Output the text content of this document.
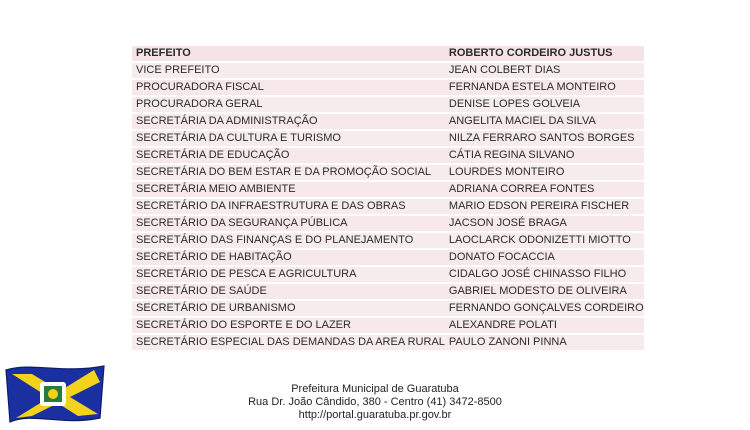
PREFEITO	ROBERTO CORDEIRO JUSTUS
VICE PREFEITO	JEAN COLBERT DIAS
PROCURADORA FISCAL	FERNANDA ESTELA MONTEIRO
PROCURADORA GERAL	DENISE LOPES GOLVEIA
SECRETÁRIA DA ADMINISTRAÇÃO	ANGELITA MACIEL DA SILVA
SECRETÁRIA DA CULTURA E TURISMO	NILZA FERRARO SANTOS BORGES
SECRETÁRIA DE EDUCAÇÃO	CÁTIA REGINA SILVANO
SECRETÁRIA DO BEM ESTAR E DA PROMOÇÃO SOCIAL	LOURDES MONTEIRO
SECRETÁRIA MEIO AMBIENTE	ADRIANA CORREA FONTES
SECRETÁRIO DA INFRAESTRUTURA E DAS OBRAS	MARIO EDSON PEREIRA FISCHER
SECRETÁRIO DA SEGURANÇA PÚBLICA	JACSON JOSÉ BRAGA
SECRETÁRIO DAS FINANÇAS E DO PLANEJAMENTO	LAOCLARCK ODONIZETTI MIOTTO
SECRETÁRIO DE HABITAÇÃO	DONATO FOCACCIA
SECRETÁRIO DE PESCA E AGRICULTURA	CIDALGO JOSÉ CHINASSO FILHO
SECRETÁRIO DE SAÚDE	GABRIEL MODESTO DE OLIVEIRA
SECRETÁRIO DE URBANISMO	FERNANDO GONÇALVES CORDEIRO
SECRETÁRIO DO ESPORTE E DO LAZER	ALEXANDRE POLATI
SECRETÁRIO ESPECIAL DAS DEMANDAS DA AREA RURAL	PAULO ZANONI PINNA
Prefeitura Municipal de Guaratuba
Rua Dr. João Cândido, 380 - Centro (41) 3472-8500
http://portal.guaratuba.pr.gov.br
